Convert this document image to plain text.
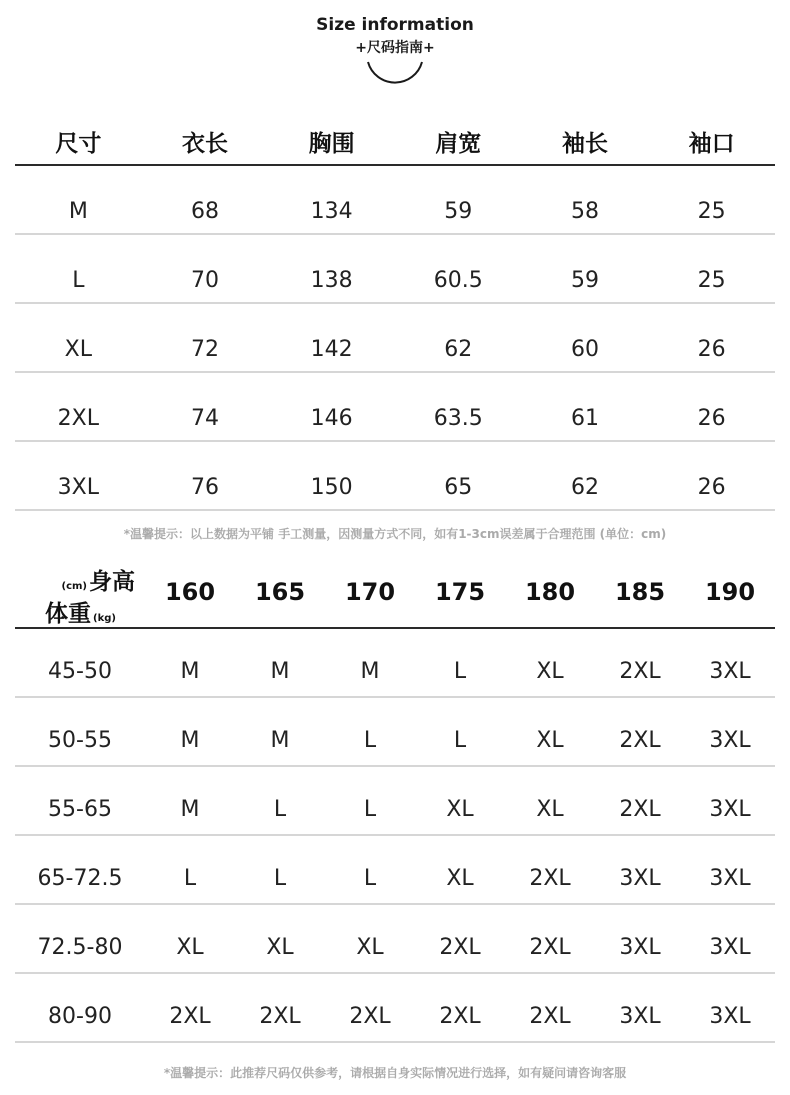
Size information
+尺码指南+
尺寸	衣长	胸围	肩宽	袖长	袖口
M	68	134	59	58	25
L	70	138	60.5	59	25
XL	72	142	62	60	26
2XL	74	146	63.5	61	26
3XL	76	150	65	62	26
*温馨提示：以上数据为平铺 手工测量，因测量方式不同，如有1-3cm误差属于合理范围 (单位：cm)
(cm)身高
体重 (kg)	160	165	170	175	180	185	190
45-50	M	M	M	L	XL	2XL	3XL
50-55	M	M	L	L	XL	2XL	3XL
55-65	M	L	L	XL	XL	2XL	3XL
65-72.5	L	L	L	XL	2XL	3XL	3XL
72.5-80	XL	XL	XL	2XL	2XL	3XL	3XL
80-90	2XL	2XL	2XL	2XL	2XL	3XL	3XL
*温馨提示：此推荐尺码仅供参考，请根据自身实际情况进行选择，如有疑问请咨询客服
